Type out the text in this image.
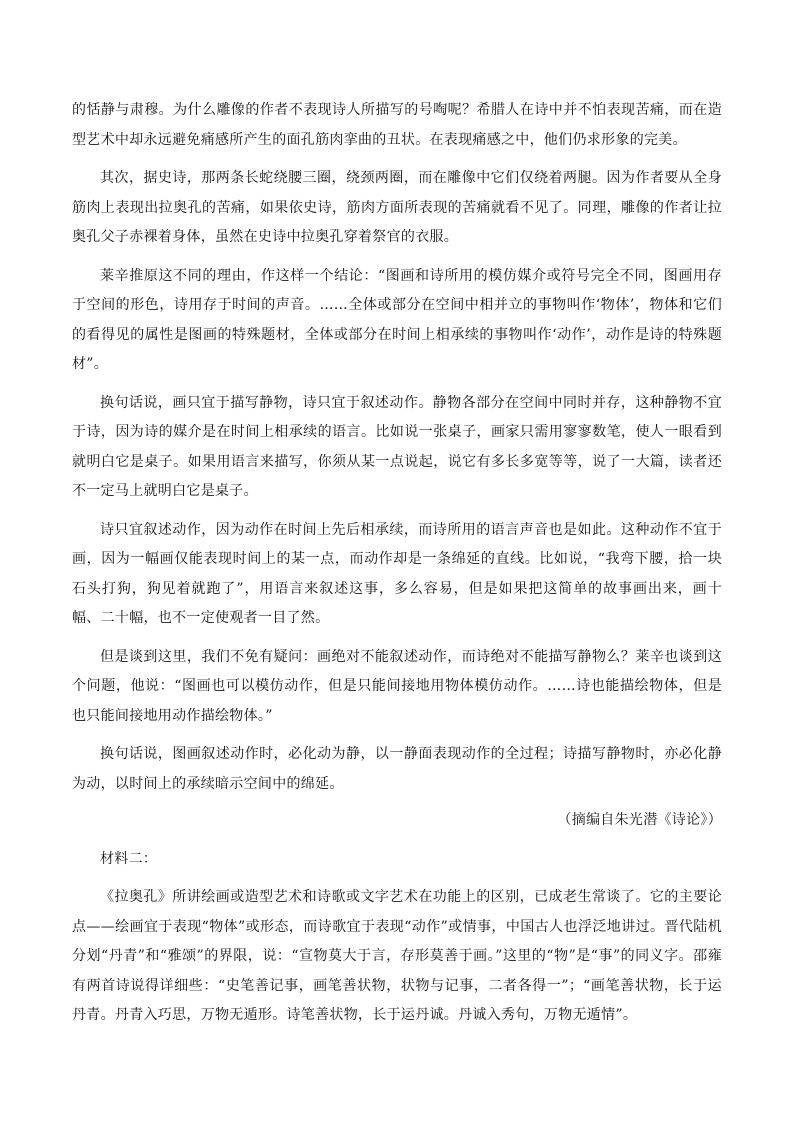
的恬静与肃穆。为什么雕像的作者不表现诗人所描写的号啕呢？希腊人在诗中并不怕表现苦痛，而在造型艺术中却永远避免痛感所产生的面孔筋肉挛曲的丑状。在表现痛感之中，他们仍求形象的完美。

其次，据史诗，那两条长蛇绕腰三圈，绕颈两圈，而在雕像中它们仅绕着两腿。因为作者要从全身筋肉上表现出拉奥孔的苦痛，如果依史诗，筋肉方面所表现的苦痛就看不见了。同理，雕像的作者让拉奥孔父子赤裸着身体，虽然在史诗中拉奥孔穿着祭官的衣服。

莱辛推原这不同的理由，作这样一个结论：“图画和诗所用的模仿媒介或符号完全不同，图画用存于空间的形色，诗用存于时间的声音。……全体或部分在空间中相并立的事物叫作‘物体’，物体和它们的看得见的属性是图画的特殊题材，全体或部分在时间上相承续的事物叫作‘动作’，动作是诗的特殊题材”。

换句话说，画只宜于描写静物，诗只宜于叙述动作。静物各部分在空间中同时并存，这种静物不宜于诗，因为诗的媒介是在时间上相承续的语言。比如说一张桌子，画家只需用寥寥数笔，使人一眼看到就明白它是桌子。如果用语言来描写，你须从某一点说起，说它有多长多宽等等，说了一大篇，读者还不一定马上就明白它是桌子。

诗只宜叙述动作，因为动作在时间上先后相承续，而诗所用的语言声音也是如此。这种动作不宜于画，因为一幅画仅能表现时间上的某一点，而动作却是一条绵延的直线。比如说，“我弯下腰，拾一块石头打狗，狗见着就跑了”，用语言来叙述这事，多么容易，但是如果把这简单的故事画出来，画十幅、二十幅，也不一定使观者一目了然。

但是谈到这里，我们不免有疑问：画绝对不能叙述动作，而诗绝对不能描写静物么？莱辛也谈到这个问题，他说：“图画也可以模仿动作，但是只能间接地用物体模仿动作。……诗也能描绘物体，但是也只能间接地用动作描绘物体。”

换句话说，图画叙述动作时，必化动为静，以一静面表现动作的全过程；诗描写静物时，亦必化静为动，以时间上的承续暗示空间中的绵延。

（摘编自朱光潜《诗论》）

材料二：

《拉奥孔》所讲绘画或造型艺术和诗歌或文字艺术在功能上的区别，已成老生常谈了。它的主要论点——绘画宜于表现“物体”或形态，而诗歌宜于表现“动作”或情事，中国古人也浮泛地讲过。晋代陆机分划“丹青”和“雅颂”的界限，说：“宣物莫大于言，存形莫善于画。”这里的“物”是“事”的同义字。邵雍有两首诗说得详细些：“史笔善记事，画笔善状物，状物与记事，二者各得一”；“画笔善状物，长于运丹青。丹青入巧思，万物无遁形。诗笔善状物，长于运丹诚。丹诚入秀句，万物无遁情”。
